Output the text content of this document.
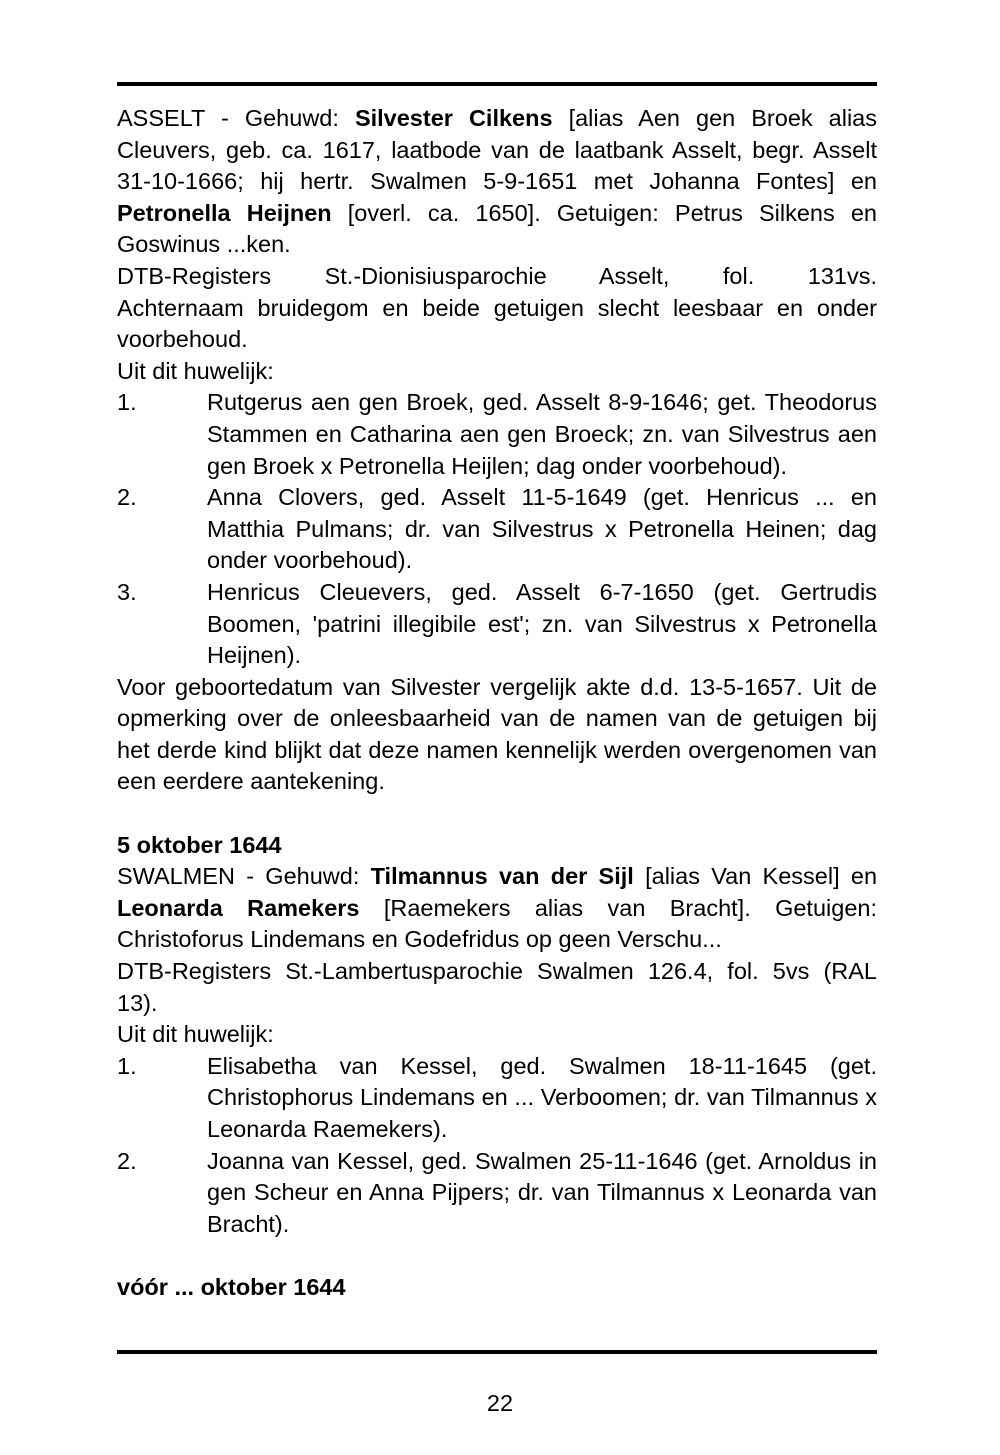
ASSELT - Gehuwd: Silvester Cilkens [alias Aen gen Broek alias Cleuvers, geb. ca. 1617, laatbode van de laatbank Asselt, begr. Asselt 31-10-1666; hij hertr. Swalmen 5-9-1651 met Johanna Fontes] en Petronella Heijnen [overl. ca. 1650]. Getuigen: Petrus Silkens en Goswinus ...ken.

DTB-Registers St.-Dionisiusparochie Asselt, fol. 131vs.

Achternaam bruidegom en beide getuigen slecht leesbaar en onder voorbehoud.

Uit dit huwelijk:

1.	Rutgerus aen gen Broek, ged. Asselt 8-9-1646; get. Theodorus Stammen en Catharina aen gen Broeck; zn. van Silvestrus aen gen Broek x Petronella Heijlen; dag onder voorbehoud).
2.	Anna Clovers, ged. Asselt 11-5-1649 (get. Henricus ... en Matthia Pulmans; dr. van Silvestrus x Petronella Heinen; dag onder voorbehoud).
3.	Henricus Cleuevers, ged. Asselt 6-7-1650 (get. Gertrudis Boomen, 'patrini illegibile est'; zn. van Silvestrus x Petronella Heijnen).

Voor geboortedatum van Silvester vergelijk akte d.d. 13-5-1657. Uit de opmerking over de onleesbaarheid van de namen van de getuigen bij het derde kind blijkt dat deze namen kennelijk werden overgenomen van een eerdere aantekening.

5 oktober 1644

SWALMEN - Gehuwd: Tilmannus van der Sijl [alias Van Kessel] en Leonarda Ramekers [Raemekers alias van Bracht]. Getuigen: Christoforus Lindemans en Godefridus op geen Verschu...

DTB-Registers St.-Lambertusparochie Swalmen 126.4, fol. 5vs (RAL 13).

Uit dit huwelijk:

1.	Elisabetha van Kessel, ged. Swalmen 18-11-1645 (get. Christophorus Lindemans en ... Verboomen; dr. van Tilmannus x Leonarda Raemekers).
2.	Joanna van Kessel, ged. Swalmen 25-11-1646 (get. Arnoldus in gen Scheur en Anna Pijpers; dr. van Tilmannus x Leonarda van Bracht).

vóór ... oktober 1644

22
